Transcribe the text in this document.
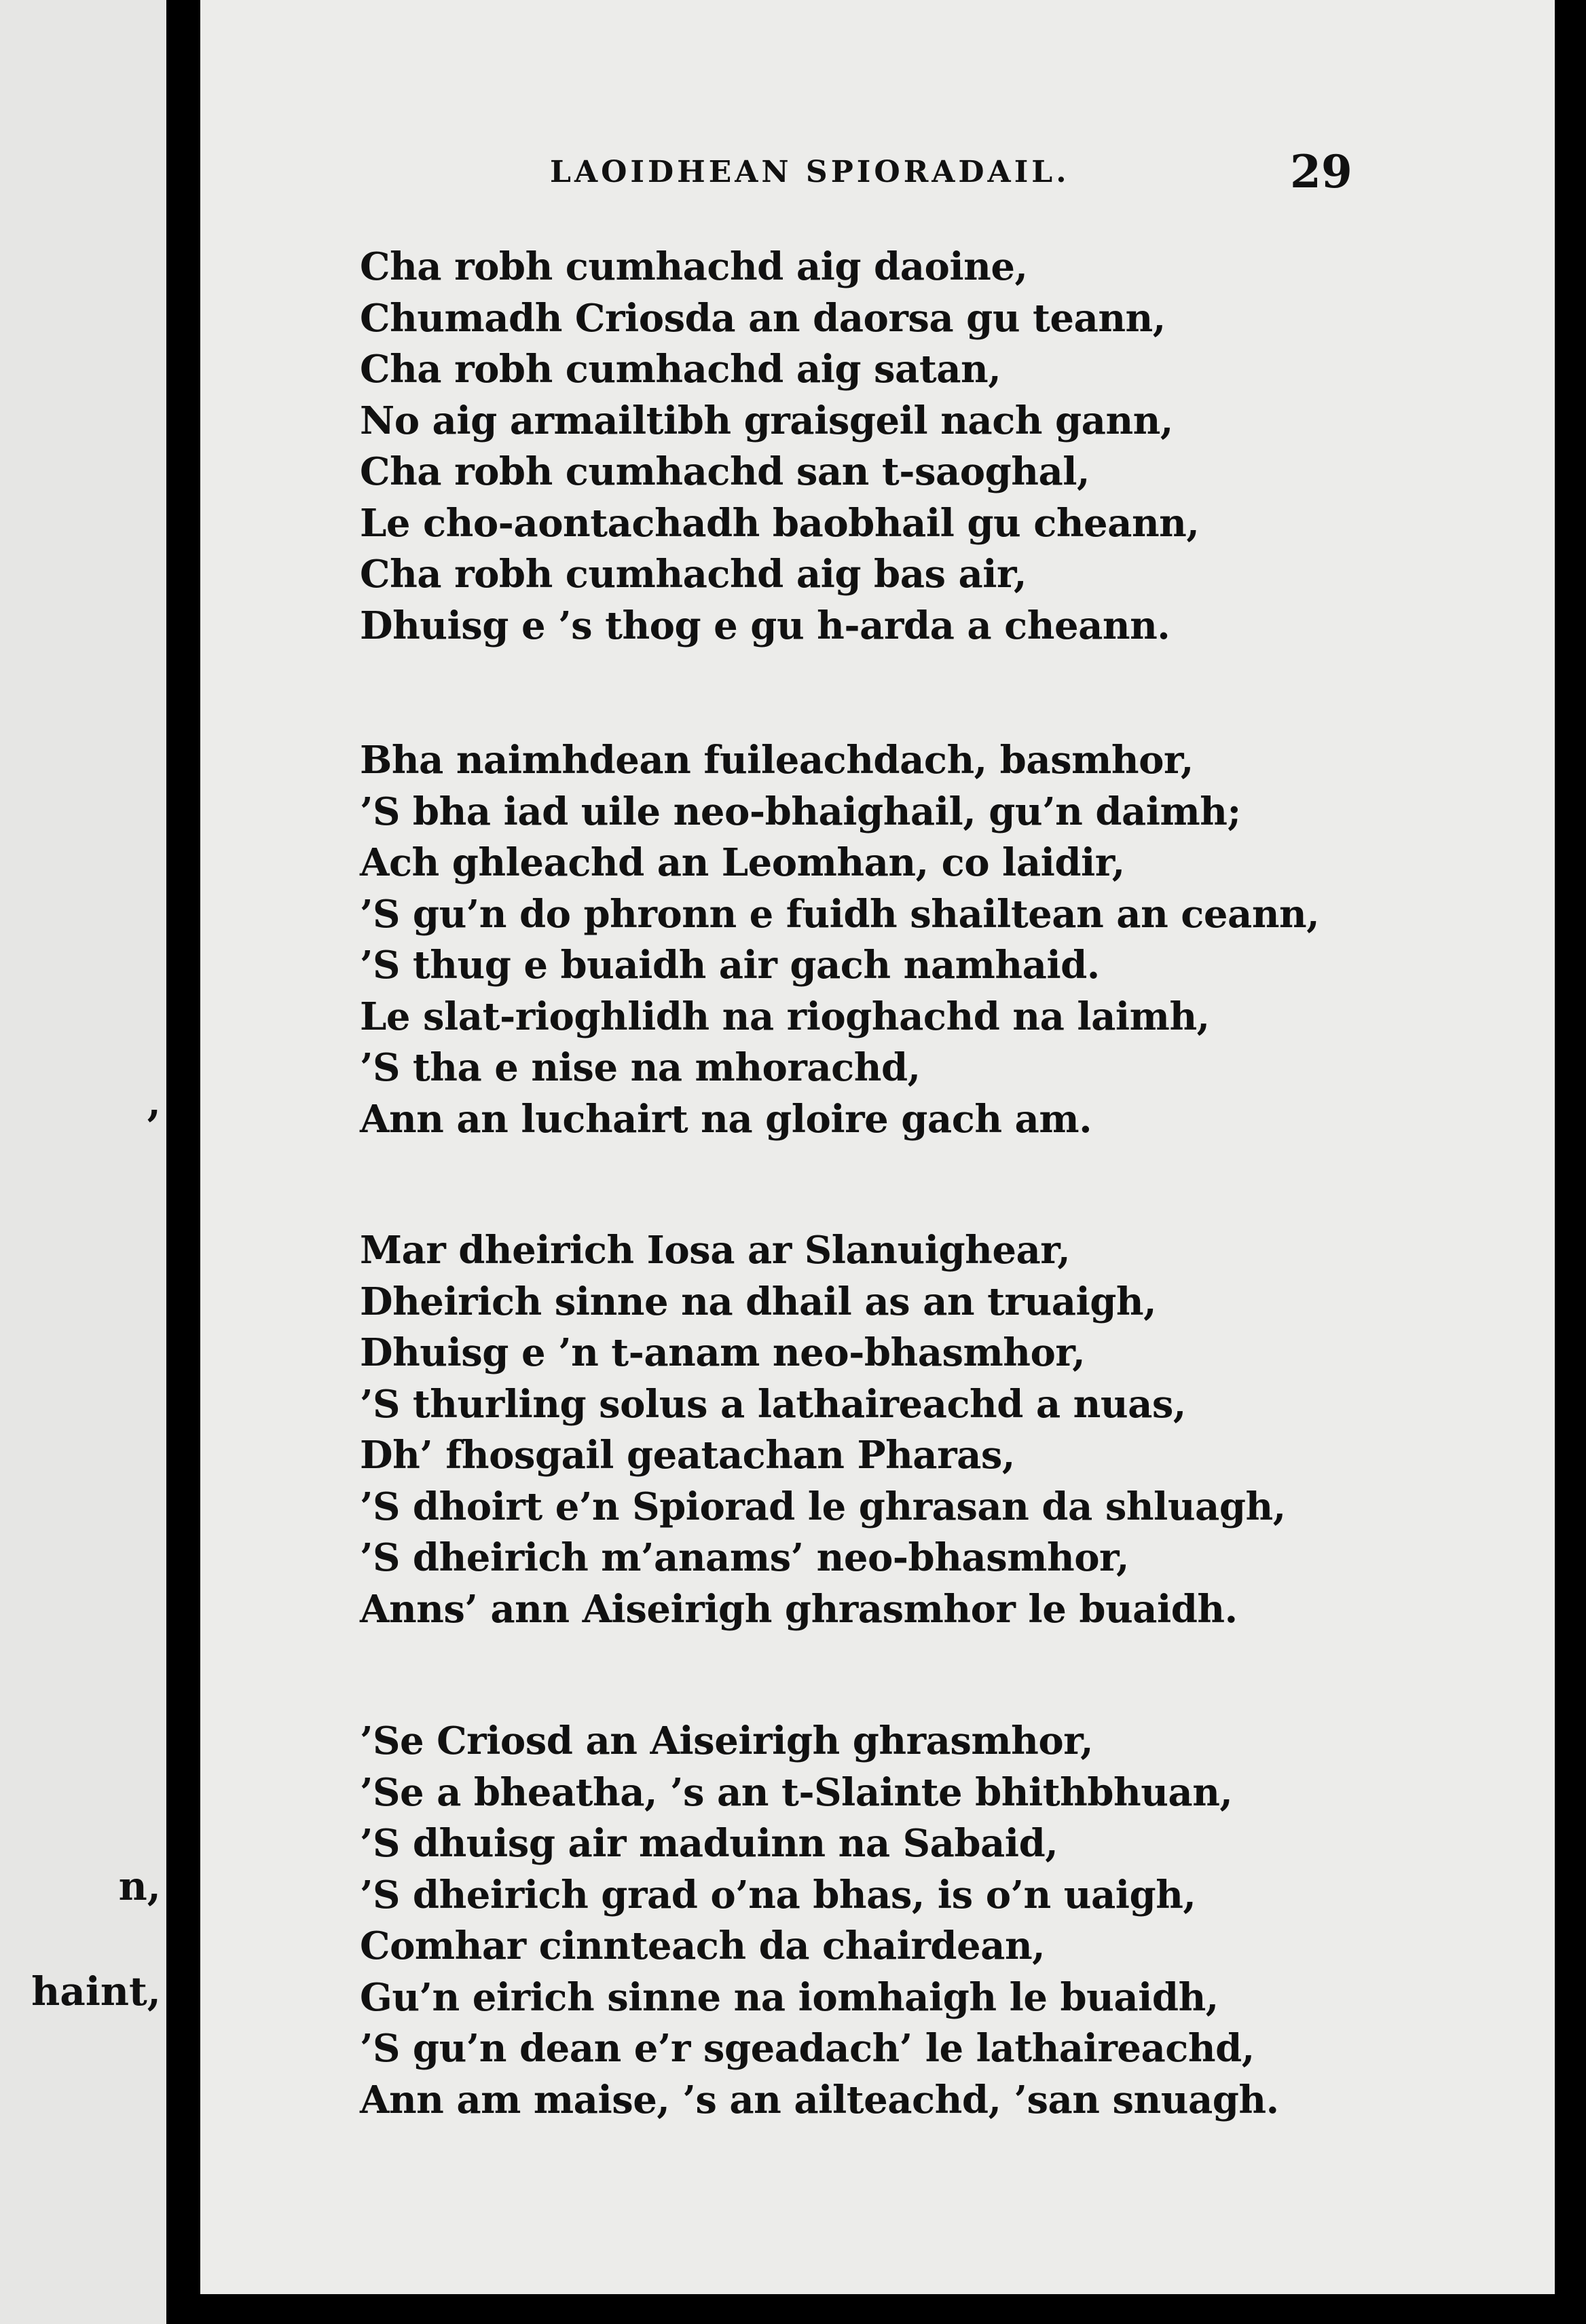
,
n,
haint,
LAOIDHEAN SPIORADAIL.	29
Cha robh cumhachd aig daoine,
Chumadh Criosda an daorsa gu teann,
Cha robh cumhachd aig satan,
No aig armailtibh graisgeil nach gann,
Cha robh cumhachd san t-saoghal,
Le cho-aontachadh baobhail gu cheann,
Cha robh cumhachd aig bas air,
Dhuisg e ’s thog e gu h-arda a cheann.
Bha naimhdean fuileachdach, basmhor,
’S bha iad uile neo-bhaighail, gu’n daimh;
Ach ghleachd an Leomhan, co laidir,
’S gu’n do phronn e fuidh shailtean an ceann,
’S thug e buaidh air gach namhaid.
Le slat-rioghlidh na rioghachd na laimh,
’S tha e nise na mhorachd,
Ann an luchairt na gloire gach am.
Mar dheirich Iosa ar Slanuighear,
Dheirich sinne na dhail as an truaigh,
Dhuisg e ’n t-anam neo-bhasmhor,
’S thurling solus a lathaireachd a nuas,
Dh’ fhosgail geatachan Pharas,
’S dhoirt e’n Spiorad le ghrasan da shluagh,
’S dheirich m’anams’ neo-bhasmhor,
Anns’ ann Aiseirigh ghrasmhor le buaidh.
’Se Criosd an Aiseirigh ghrasmhor,
’Se a bheatha, ’s an t-Slainte bhithbhuan,
’S dhuisg air maduinn na Sabaid,
’S dheirich grad o’na bhas, is o’n uaigh,
Comhar cinnteach da chairdean,
Gu’n eirich sinne na iomhaigh le buaidh,
’S gu’n dean e’r sgeadach’ le lathaireachd,
Ann am maise, ’s an ailteachd, ’san snuagh.
